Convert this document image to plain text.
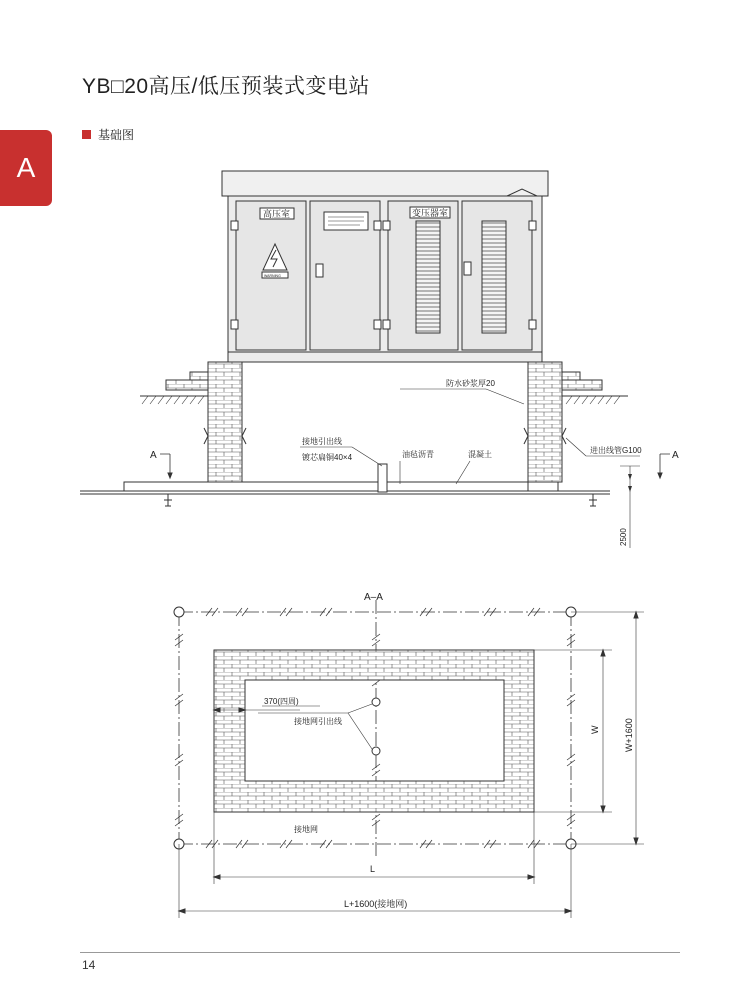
A
YB□20高压/低压预装式变电站
基础图
高压室	变压器室
WARNING
防水砂浆厚20
接地引出线
镀芯扁铜40×4	油毡沥青	混凝土	进出线管G100
A	A
2500
A–A
370(四周)
接地网引出线
接地网
W	W+1600
L
L+1600(接地网)
14
